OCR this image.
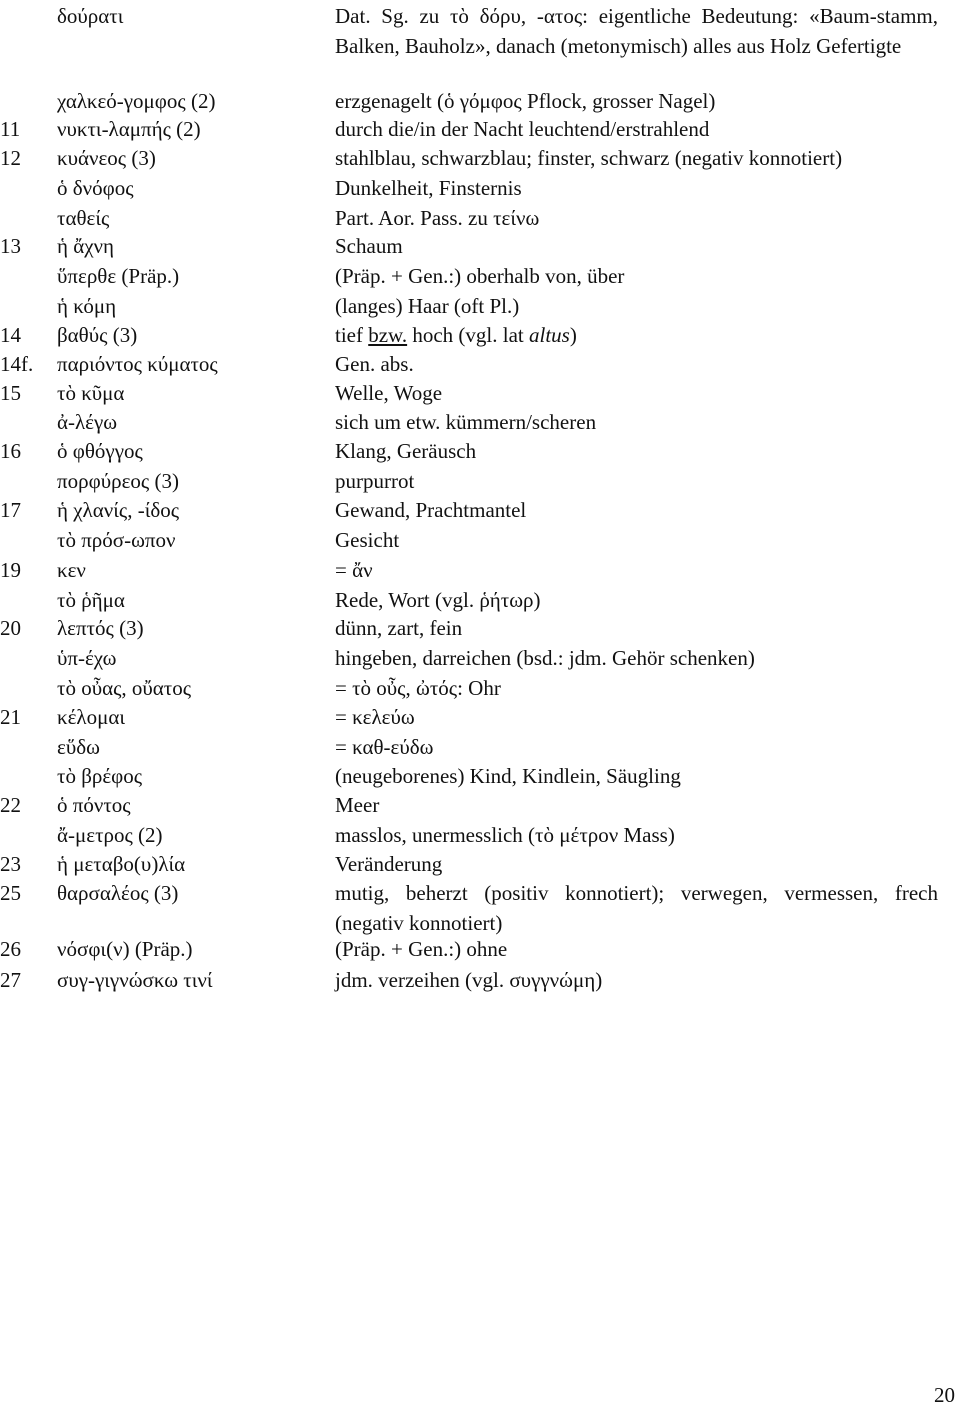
δούρατι	Dat. Sg. zu τὸ δόρυ, -ατος: eigentliche Bedeutung: «Baum-stamm, Balken, Bauholz», danach (metonymisch) alles aus Holz Gefertigte
χαλκεό-γομφος (2)	erzgenagelt (ὁ γόμφος Pflock, grosser Nagel)
11 νυκτι-λαμπής (2)	durch die/in der Nacht leuchtend/erstrahlend
12 κυάνεος (3)	stahlblau, schwarzblau; finster, schwarz (negativ konnotiert)
ὁ δνόφος	Dunkelheit, Finsternis
ταθείς	Part. Aor. Pass. zu τείνω
13 ἡ ἄχνη	Schaum
ὕπερθε (Präp.)	(Präp. + Gen.:) oberhalb von, über
ἡ κόμη	(langes) Haar (oft Pl.)
14 βαθύς (3)	tief bzw. hoch (vgl. lat altus)
14f. παριόντος κύματος	Gen. abs.
15 τὸ κῦμα	Welle, Woge
ἀ-λέγω	sich um etw. kümmern/scheren
16 ὁ φθόγγος	Klang, Geräusch
πορφύρεος (3)	purpurrot
17 ἡ χλανίς, -ίδος	Gewand, Prachtmantel
τὸ πρόσ-ωπον	Gesicht
19 κεν	= ἄν
τὸ ῥῆμα	Rede, Wort (vgl. ῥήτωρ)
20 λεπτός (3)	dünn, zart, fein
ὑπ-έχω	hingeben, darreichen (bsd.: jdm. Gehör schenken)
τὸ οὖας, οὔατος	= τὸ οὖς, ὠτός: Ohr
21 κέλομαι	= κελεύω
εὕδω	= καθ-εύδω
τὸ βρέφος	(neugeborenes) Kind, Kindlein, Säugling
22 ὁ πόντος	Meer
ἄ-μετρος (2)	masslos, unermesslich (τὸ μέτρον Mass)
23 ἡ μεταβο(υ)λία	Veränderung
25 θαρσαλέος (3)	mutig, beherzt (positiv konnotiert); verwegen, vermessen, frech (negativ konnotiert)
26 νόσφι(ν) (Präp.)	(Präp. + Gen.:) ohne
27 συγ-γιγνώσκω τινί	jdm. verzeihen (vgl. συγγνώμη)
20
